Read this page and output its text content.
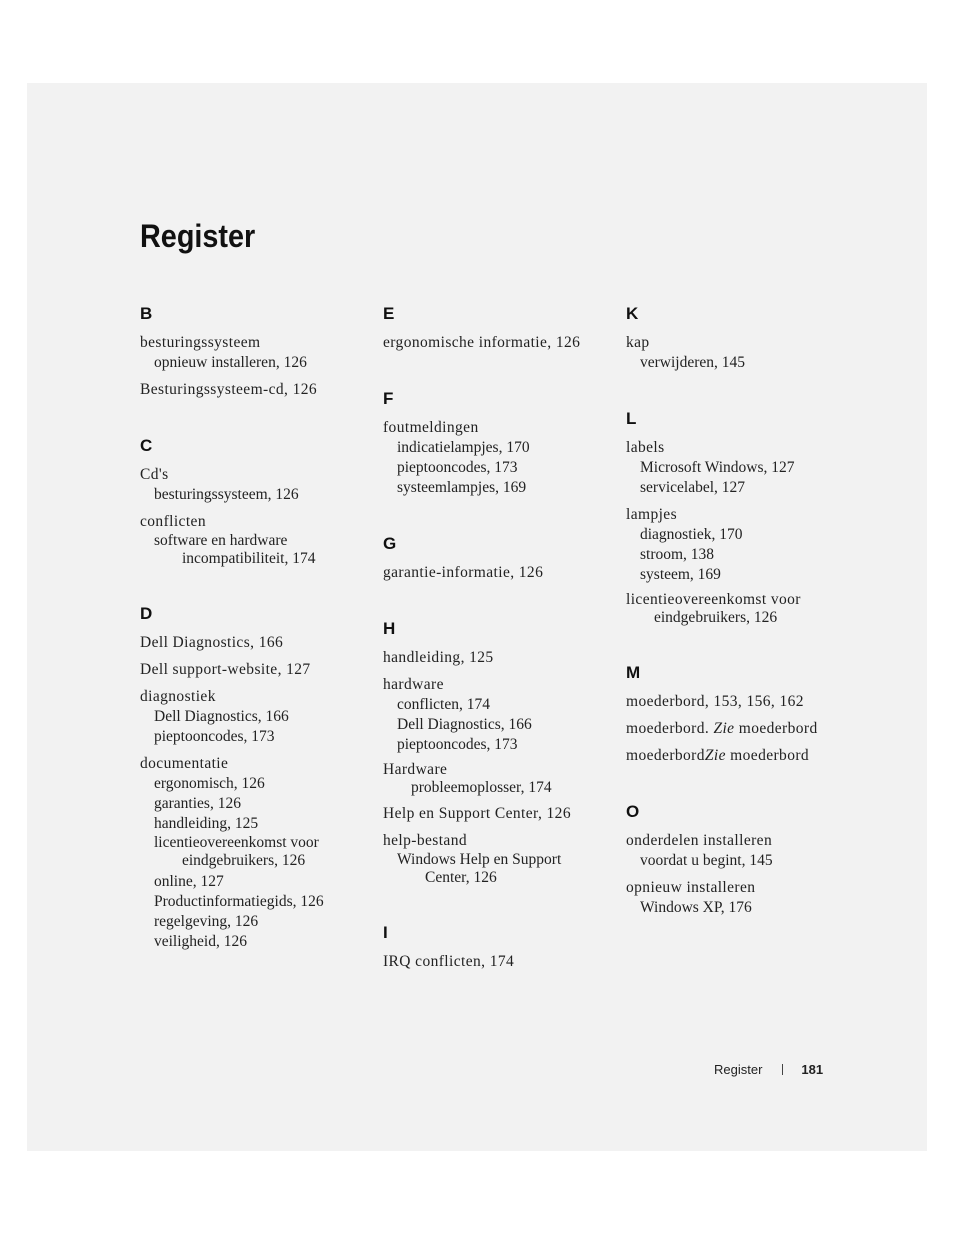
Register
B
besturingssysteem
opnieuw installeren, 126
Besturingssysteem-cd, 126
C
Cd's
besturingssysteem, 126
conflicten
software en hardware
incompatibiliteit, 174
D
Dell Diagnostics, 166
Dell support-website, 127
diagnostiek
Dell Diagnostics, 166
pieptooncodes, 173
documentatie
ergonomisch, 126
garanties, 126
handleiding, 125
licentieovereenkomst voor
eindgebruikers, 126
online, 127
Productinformatiegids, 126
regelgeving, 126
veiligheid, 126
E
ergonomische informatie, 126
F
foutmeldingen
indicatielampjes, 170
pieptooncodes, 173
systeemlampjes, 169
G
garantie-informatie, 126
H
handleiding, 125
hardware
conflicten, 174
Dell Diagnostics, 166
pieptooncodes, 173
Hardware
probleemoplosser, 174
Help en Support Center, 126
help-bestand
Windows Help en Support
Center, 126
I
IRQ conflicten, 174
K
kap
verwijderen, 145
L
labels
Microsoft Windows, 127
servicelabel, 127
lampjes
diagnostiek, 170
stroom, 138
systeem, 169
licentieovereenkomst voor
eindgebruikers, 126
M
moederbord, 153, 156, 162
moederbord. Zie moederbord
moederbordZie moederbord
O
onderdelen installeren
voordat u begint, 145
opnieuw installeren
Windows XP, 176
Register	181
